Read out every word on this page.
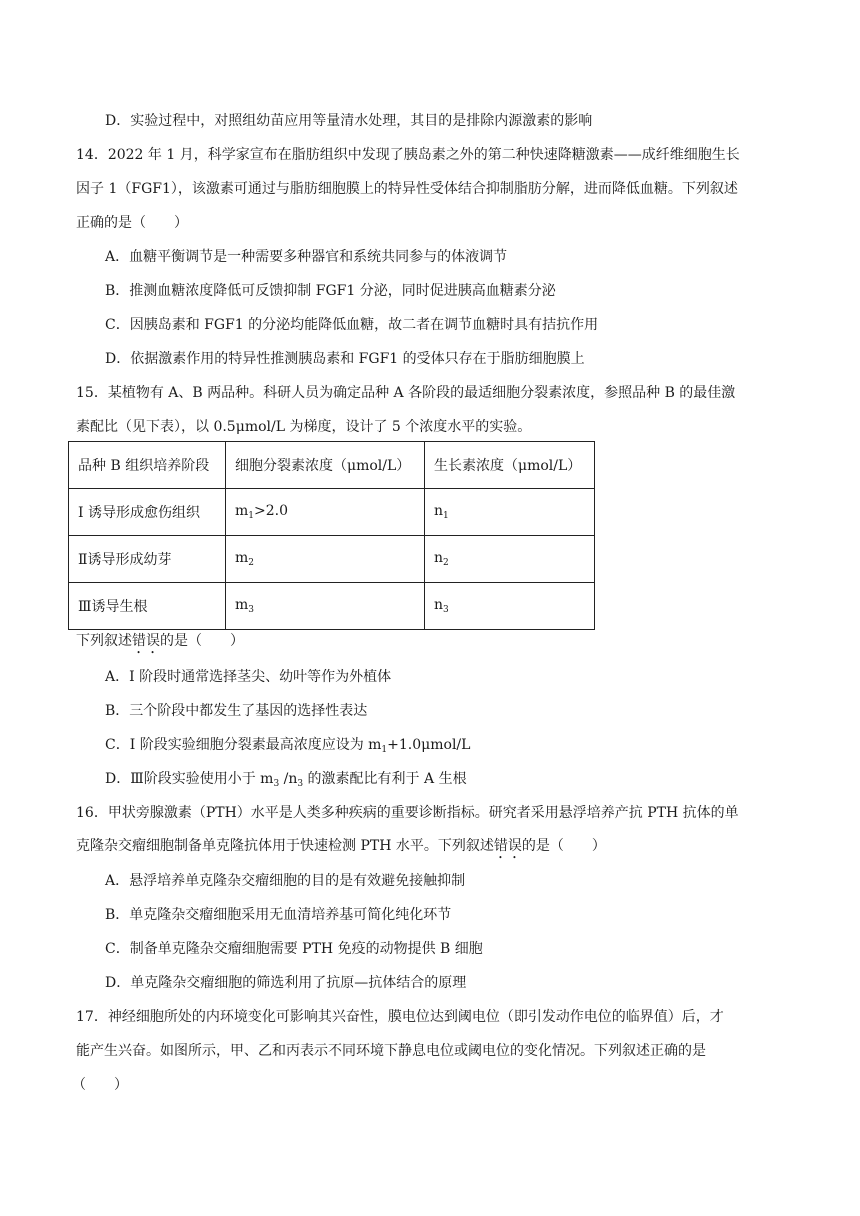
D．实验过程中，对照组幼苗应用等量清水处理，其目的是排除内源激素的影响
14．2022 年 1 月，科学家宣布在脂肪组织中发现了胰岛素之外的第二种快速降糖激素——成纤维细胞生长
因子 1（FGF1），该激素可通过与脂肪细胞膜上的特异性受体结合抑制脂肪分解，进而降低血糖。下列叙述
正确的是（　　）
A．血糖平衡调节是一种需要多种器官和系统共同参与的体液调节
B．推测血糖浓度降低可反馈抑制 FGF1 分泌，同时促进胰高血糖素分泌
C．因胰岛素和 FGF1 的分泌均能降低血糖，故二者在调节血糖时具有拮抗作用
D．依据激素作用的特异性推测胰岛素和 FGF1 的受体只存在于脂肪细胞膜上
15．某植物有 A、B 两品种。科研人员为确定品种 A 各阶段的最适细胞分裂素浓度，参照品种 B 的最佳激
素配比（见下表），以 0.5μmol/L 为梯度，设计了 5 个浓度水平的实验。
品种 B 组织培养阶段	细胞分裂素浓度（μmol/L）	生长素浓度（μmol/L）
I 诱导形成愈伤组织	$m_1>2.0$	$n_1$
Ⅱ诱导形成幼芽	$m_2$	$n_2$
Ⅲ诱导生根	$m_3$	$n_3$
下列叙述错误的是（　　）
A．I 阶段时通常选择茎尖、幼叶等作为外植体
B．三个阶段中都发生了基因的选择性表达
C．I 阶段实验细胞分裂素最高浓度应设为 $m_1+1.0\mu mol/L$
D．Ⅲ阶段实验使用小于 $m_3$ $/n_3$ 的激素配比有利于 A 生根
16．甲状旁腺激素（PTH）水平是人类多种疾病的重要诊断指标。研究者采用悬浮培养产抗 PTH 抗体的单
克隆杂交瘤细胞制备单克隆抗体用于快速检测 PTH 水平。下列叙述错误的是（　　）
A．悬浮培养单克隆杂交瘤细胞的目的是有效避免接触抑制
B．单克隆杂交瘤细胞采用无血清培养基可简化纯化环节
C．制备单克隆杂交瘤细胞需要 PTH 免疫的动物提供 B 细胞
D．单克隆杂交瘤细胞的筛选利用了抗原—抗体结合的原理
17．神经细胞所处的内环境变化可影响其兴奋性，膜电位达到阈电位（即引发动作电位的临界值）后，才
能产生兴奋。如图所示，甲、乙和丙表示不同环境下静息电位或阈电位的变化情况。下列叙述正确的是
（　　）
